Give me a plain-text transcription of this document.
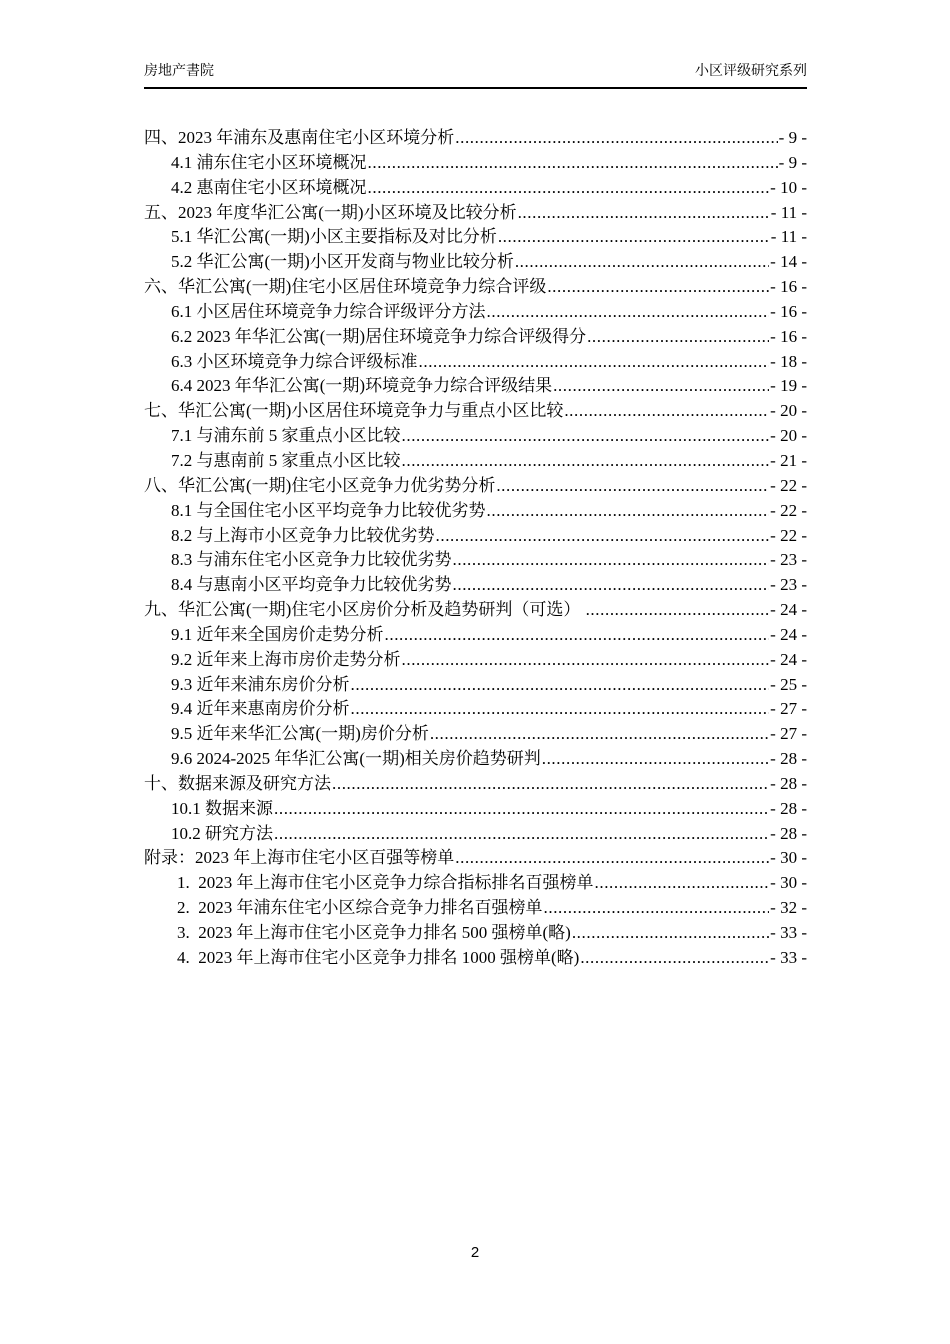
房地产書院	小区评级研究系列
四、2023 年浦东及惠南住宅小区环境分析 .....	- 9 -
4.1 浦东住宅小区环境概况 .....	- 9 -
4.2 惠南住宅小区环境概况 .....	- 10 -
五、2023 年度华汇公寓(一期)小区环境及比较分析 .....	- 11 -
5.1 华汇公寓(一期)小区主要指标及对比分析 .....	- 11 -
5.2 华汇公寓(一期)小区开发商与物业比较分析 .....	- 14 -
六、华汇公寓(一期)住宅小区居住环境竞争力综合评级 .....	- 16 -
6.1 小区居住环境竞争力综合评级评分方法 .....	- 16 -
6.2 2023 年华汇公寓(一期)居住环境竞争力综合评级得分 .....	- 16 -
6.3 小区环境竞争力综合评级标准 .....	- 18 -
6.4 2023 年华汇公寓(一期)环境竞争力综合评级结果 .....	- 19 -
七、华汇公寓(一期)小区居住环境竞争力与重点小区比较 .....	- 20 -
7.1 与浦东前 5 家重点小区比较 .....	- 20 -
7.2 与惠南前 5 家重点小区比较 .....	- 21 -
八、华汇公寓(一期)住宅小区竞争力优劣势分析 .....	- 22 -
8.1 与全国住宅小区平均竞争力比较优劣势 .....	- 22 -
8.2 与上海市小区竞争力比较优劣势 .....	- 22 -
8.3 与浦东住宅小区竞争力比较优劣势 .....	- 23 -
8.4 与惠南小区平均竞争力比较优劣势 .....	- 23 -
九、华汇公寓(一期)住宅小区房价分析及趋势研判（可选） .....	- 24 -
9.1 近年来全国房价走势分析 .....	- 24 -
9.2 近年来上海市房价走势分析 .....	- 24 -
9.3 近年来浦东房价分析 .....	- 25 -
9.4 近年来惠南房价分析 .....	- 27 -
9.5 近年来华汇公寓(一期)房价分析 .....	- 27 -
9.6 2024-2025 年华汇公寓(一期)相关房价趋势研判 .....	- 28 -
十、数据来源及研究方法 .....	- 28 -
10.1 数据来源 .....	- 28 -
10.2 研究方法 .....	- 28 -
附录：2023 年上海市住宅小区百强等榜单 .....	- 30 -
1.  2023 年上海市住宅小区竞争力综合指标排名百强榜单 .....	- 30 -
2.  2023 年浦东住宅小区综合竞争力排名百强榜单 .....	- 32 -
3.  2023 年上海市住宅小区竞争力排名 500 强榜单(略) .....	- 33 -
4.  2023 年上海市住宅小区竞争力排名 1000 强榜单(略) .....	- 33 -
2
